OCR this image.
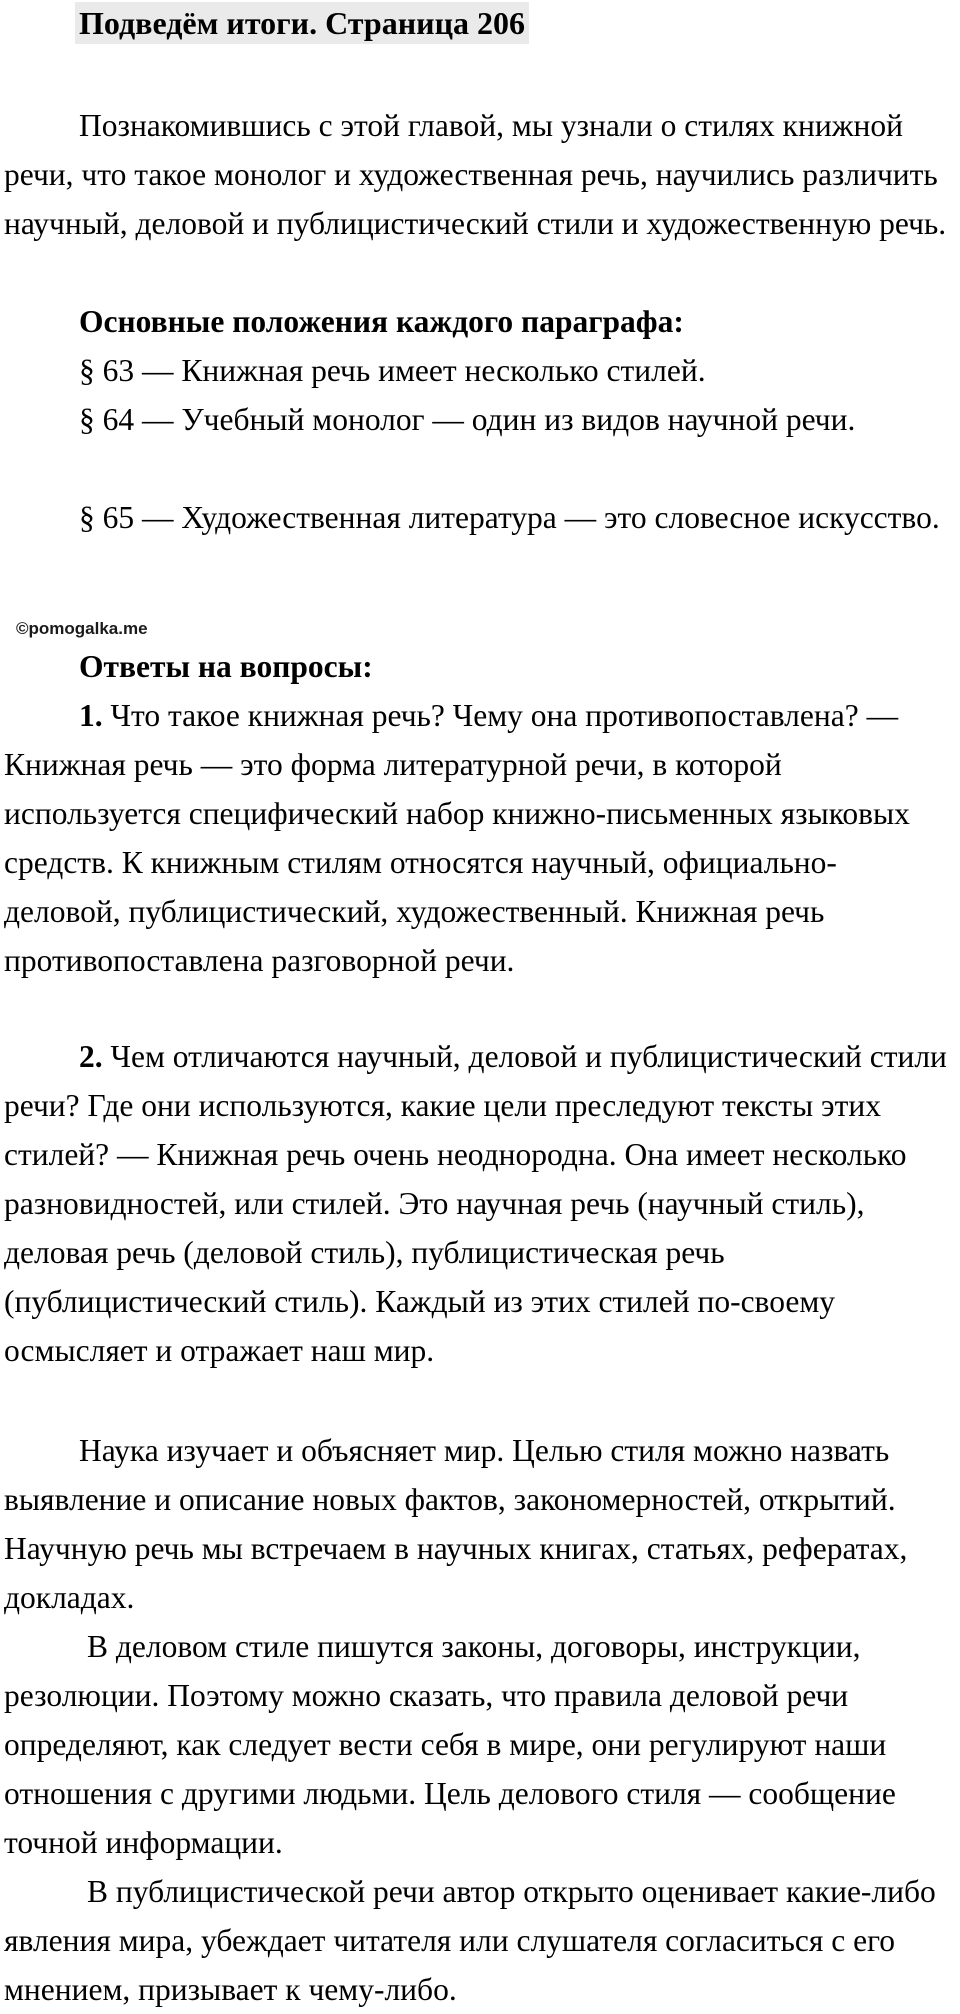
Подведём итоги. Страница 206

Познакомившись с этой главой, мы узнали о стилях книжной речи, что такое монолог и художественная речь, научились различить научный, деловой и публицистический стили и художественную речь.

Основные положения каждого параграфа:

§ 63 — Книжная речь имеет несколько стилей.

§ 64 — Учебный монолог — один из видов научной речи.

§ 65 — Художественная литература — это словесное искусство.

©pomogalka.me

Ответы на вопросы:

1. Что такое книжная речь? Чему она противопоставлена? — Книжная речь — это форма литературной речи, в которой используется специфический набор книжно-письменных языковых средств. К книжным стилям относятся научный, официально-деловой, публицистический, художественный. Книжная речь противопоставлена разговорной речи.

2. Чем отличаются научный, деловой и публицистический стили речи? Где они используются, какие цели преследуют тексты этих стилей? — Книжная речь очень неоднородна. Она имеет несколько разновидностей, или стилей. Это научная речь (научный стиль), деловая речь (деловой стиль), публицистическая речь (публицистический стиль). Каждый из этих стилей по-своему осмысляет и отражает наш мир.

Наука изучает и объясняет мир. Целью стиля можно назвать выявление и описание новых фактов, закономерностей, открытий. Научную речь мы встречаем в научных книгах, статьях, рефератах, докладах.

В деловом стиле пишутся законы, договоры, инструкции, резолюции. Поэтому можно сказать, что правила деловой речи определяют, как следует вести себя в мире, они регулируют наши отношения с другими людьми. Цель делового стиля — сообщение точной информации.

В публицистической речи автор открыто оценивает какие-либо явления мира, убеждает читателя или слушателя согласиться с его мнением, призывает к чему-либо.
